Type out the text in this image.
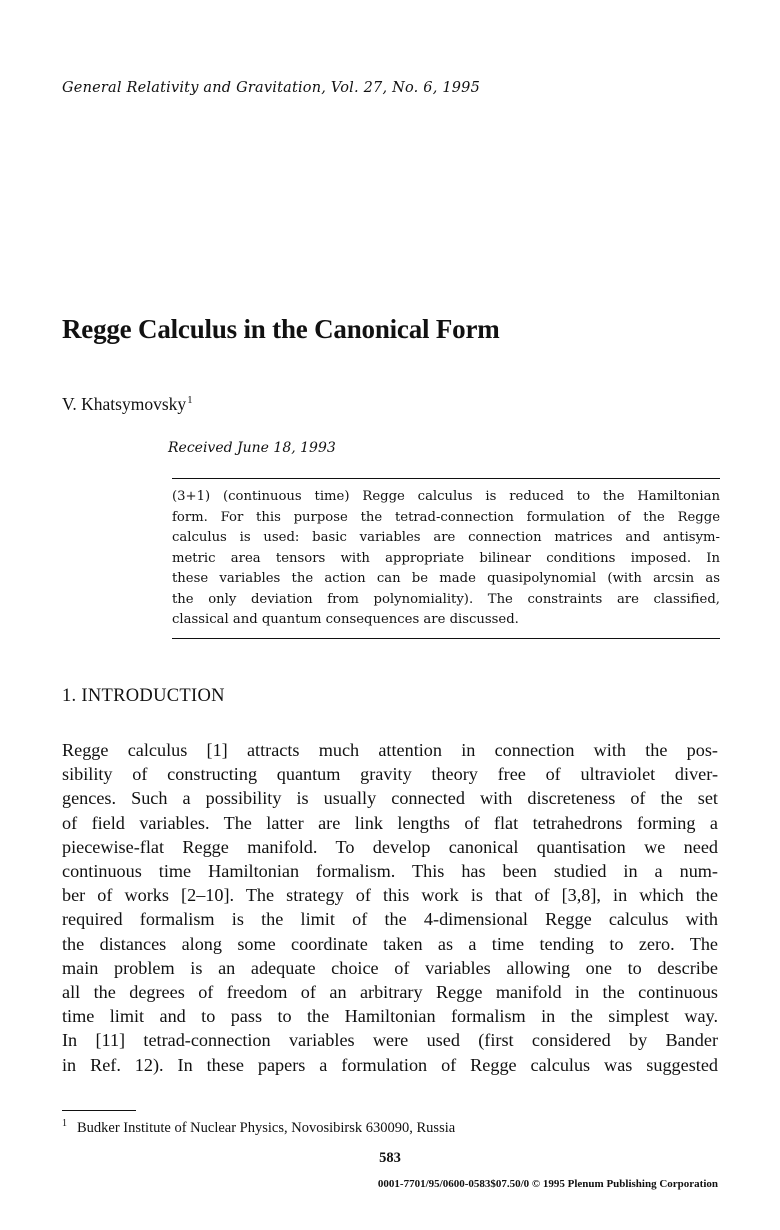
General Relativity and Gravitation, Vol. 27, No. 6, 1995
Regge Calculus in the Canonical Form
V. Khatsymovsky$^1$
Received June 18, 1993
(3+1) (continuous time) Regge calculus is reduced to the Hamiltonian
form. For this purpose the tetrad-connection formulation of the Regge
calculus is used: basic variables are connection matrices and antisym-
metric area tensors with appropriate bilinear conditions imposed. In
these variables the action can be made quasipolynomial (with arcsin as
the only deviation from polynomiality). The constraints are classified,
classical and quantum consequences are discussed.
1. INTRODUCTION
Regge calculus [1] attracts much attention in connection with the pos-
sibility of constructing quantum gravity theory free of ultraviolet diver-
gences. Such a possibility is usually connected with discreteness of the set
of field variables. The latter are link lengths of flat tetrahedrons forming a
piecewise-flat Regge manifold. To develop canonical quantisation we need
continuous time Hamiltonian formalism. This has been studied in a num-
ber of works [2–10]. The strategy of this work is that of [3,8], in which the
required formalism is the limit of the 4-dimensional Regge calculus with
the distances along some coordinate taken as a time tending to zero. The
main problem is an adequate choice of variables allowing one to describe
all the degrees of freedom of an arbitrary Regge manifold in the continuous
time limit and to pass to the Hamiltonian formalism in the simplest way.
In [11] tetrad-connection variables were used (first considered by Bander
in Ref. 12). In these papers a formulation of Regge calculus was suggested
$^1$ Budker Institute of Nuclear Physics, Novosibirsk 630090, Russia
583
0001-7701/95/0600-0583$07.50/0 © 1995 Plenum Publishing Corporation
